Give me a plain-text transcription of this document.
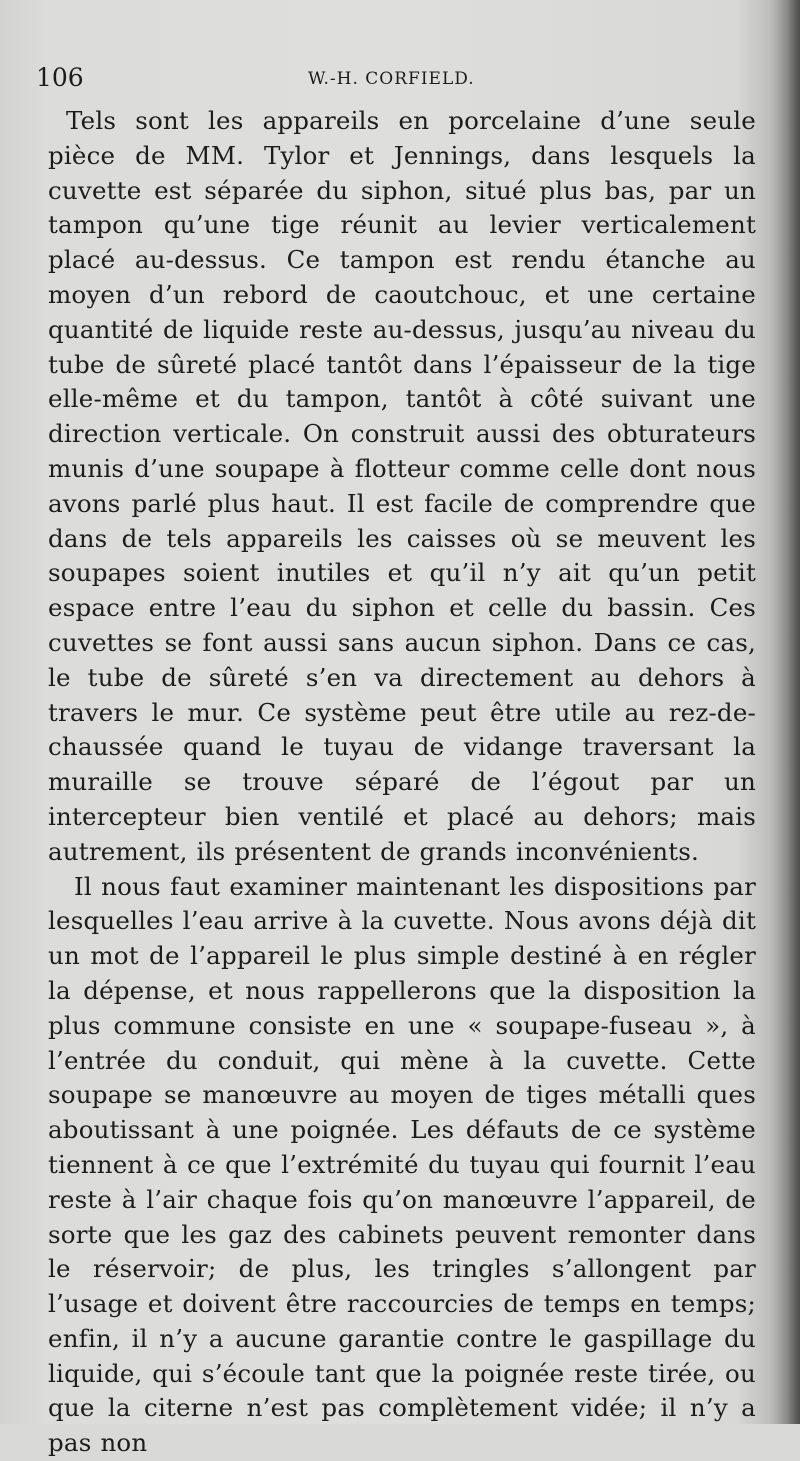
106	W.-H. CORFIELD.

Tels sont les appareils en porcelaine d’une seule pièce de MM. Tylor et Jennings, dans lesquels la cuvette est séparée du siphon, situé plus bas, par un tampon qu’une tige réunit au levier verticalement placé au-dessus. Ce tampon est rendu étanche au moyen d’un rebord de caoutchouc, et une certaine quantité de liquide reste au-dessus, jusqu’au niveau du tube de sûreté placé tantôt dans l’épaisseur de la tige elle-même et du tampon, tantôt à côté suivant une direction verticale. On construit aussi des obturateurs munis d’une soupape à flotteur comme celle dont nous avons parlé plus haut. Il est facile de comprendre que dans de tels appareils les caisses où se meuvent les soupapes soient inutiles et qu’il n’y ait qu’un petit espace entre l’eau du siphon et celle du bassin. Ces cuvettes se font aussi sans aucun siphon. Dans ce cas, le tube de sûreté s’en va directement au dehors à travers le mur. Ce système peut être utile au rez-de-chaussée quand le tuyau de vidange traversant la muraille se trouve séparé de l’égout par un intercepteur bien ventilé et placé au dehors; mais autrement, ils présentent de grands inconvénients.

Il nous faut examiner maintenant les dispositions par lesquelles l’eau arrive à la cuvette. Nous avons déjà dit un mot de l’appareil le plus simple destiné à en régler la dépense, et nous rappellerons que la disposition la plus commune consiste en une « soupape-fuseau », à l’entrée du conduit, qui mène à la cuvette. Cette soupape se manœuvre au moyen de tiges métalli ques aboutissant à une poignée. Les défauts de ce système tiennent à ce que l’extrémité du tuyau qui fournit l’eau reste à l’air chaque fois qu’on manœuvre l’appareil, de sorte que les gaz des cabinets peuvent remonter dans le réservoir; de plus, les tringles s’allongent par l’usage et doivent être raccourcies de temps en temps; enfin, il n’y a aucune garantie contre le gaspillage du liquide, qui s’écoule tant que la poignée reste tirée, ou que la citerne n’est pas complètement vidée; il n’y a pas non
